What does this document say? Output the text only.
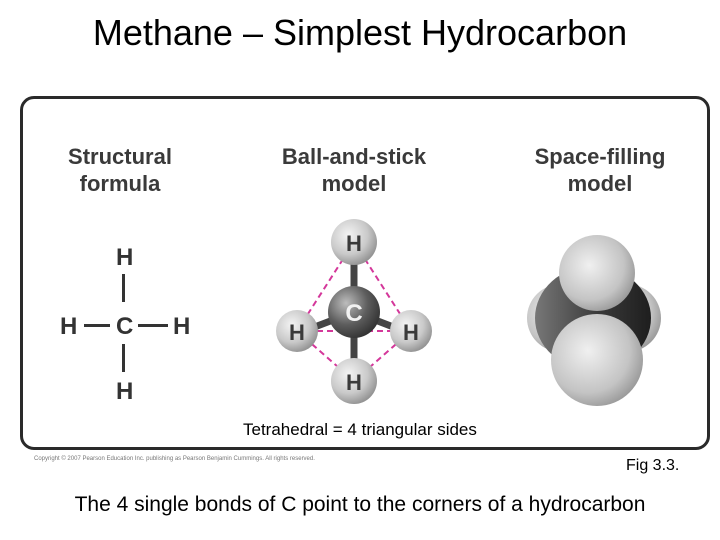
Methane – Simplest Hydrocarbon
Structural
formula
Ball-and-stick
model
Space-filling
model
H
H C H
H
H
H	H
C
H
Tetrahedral = 4 triangular sides
Copyright © 2007 Pearson Education Inc. publishing as Pearson Benjamin Cummings. All rights reserved.	Fig 3.3.
The 4 single bonds of C point to the corners of a hydrocarbon
